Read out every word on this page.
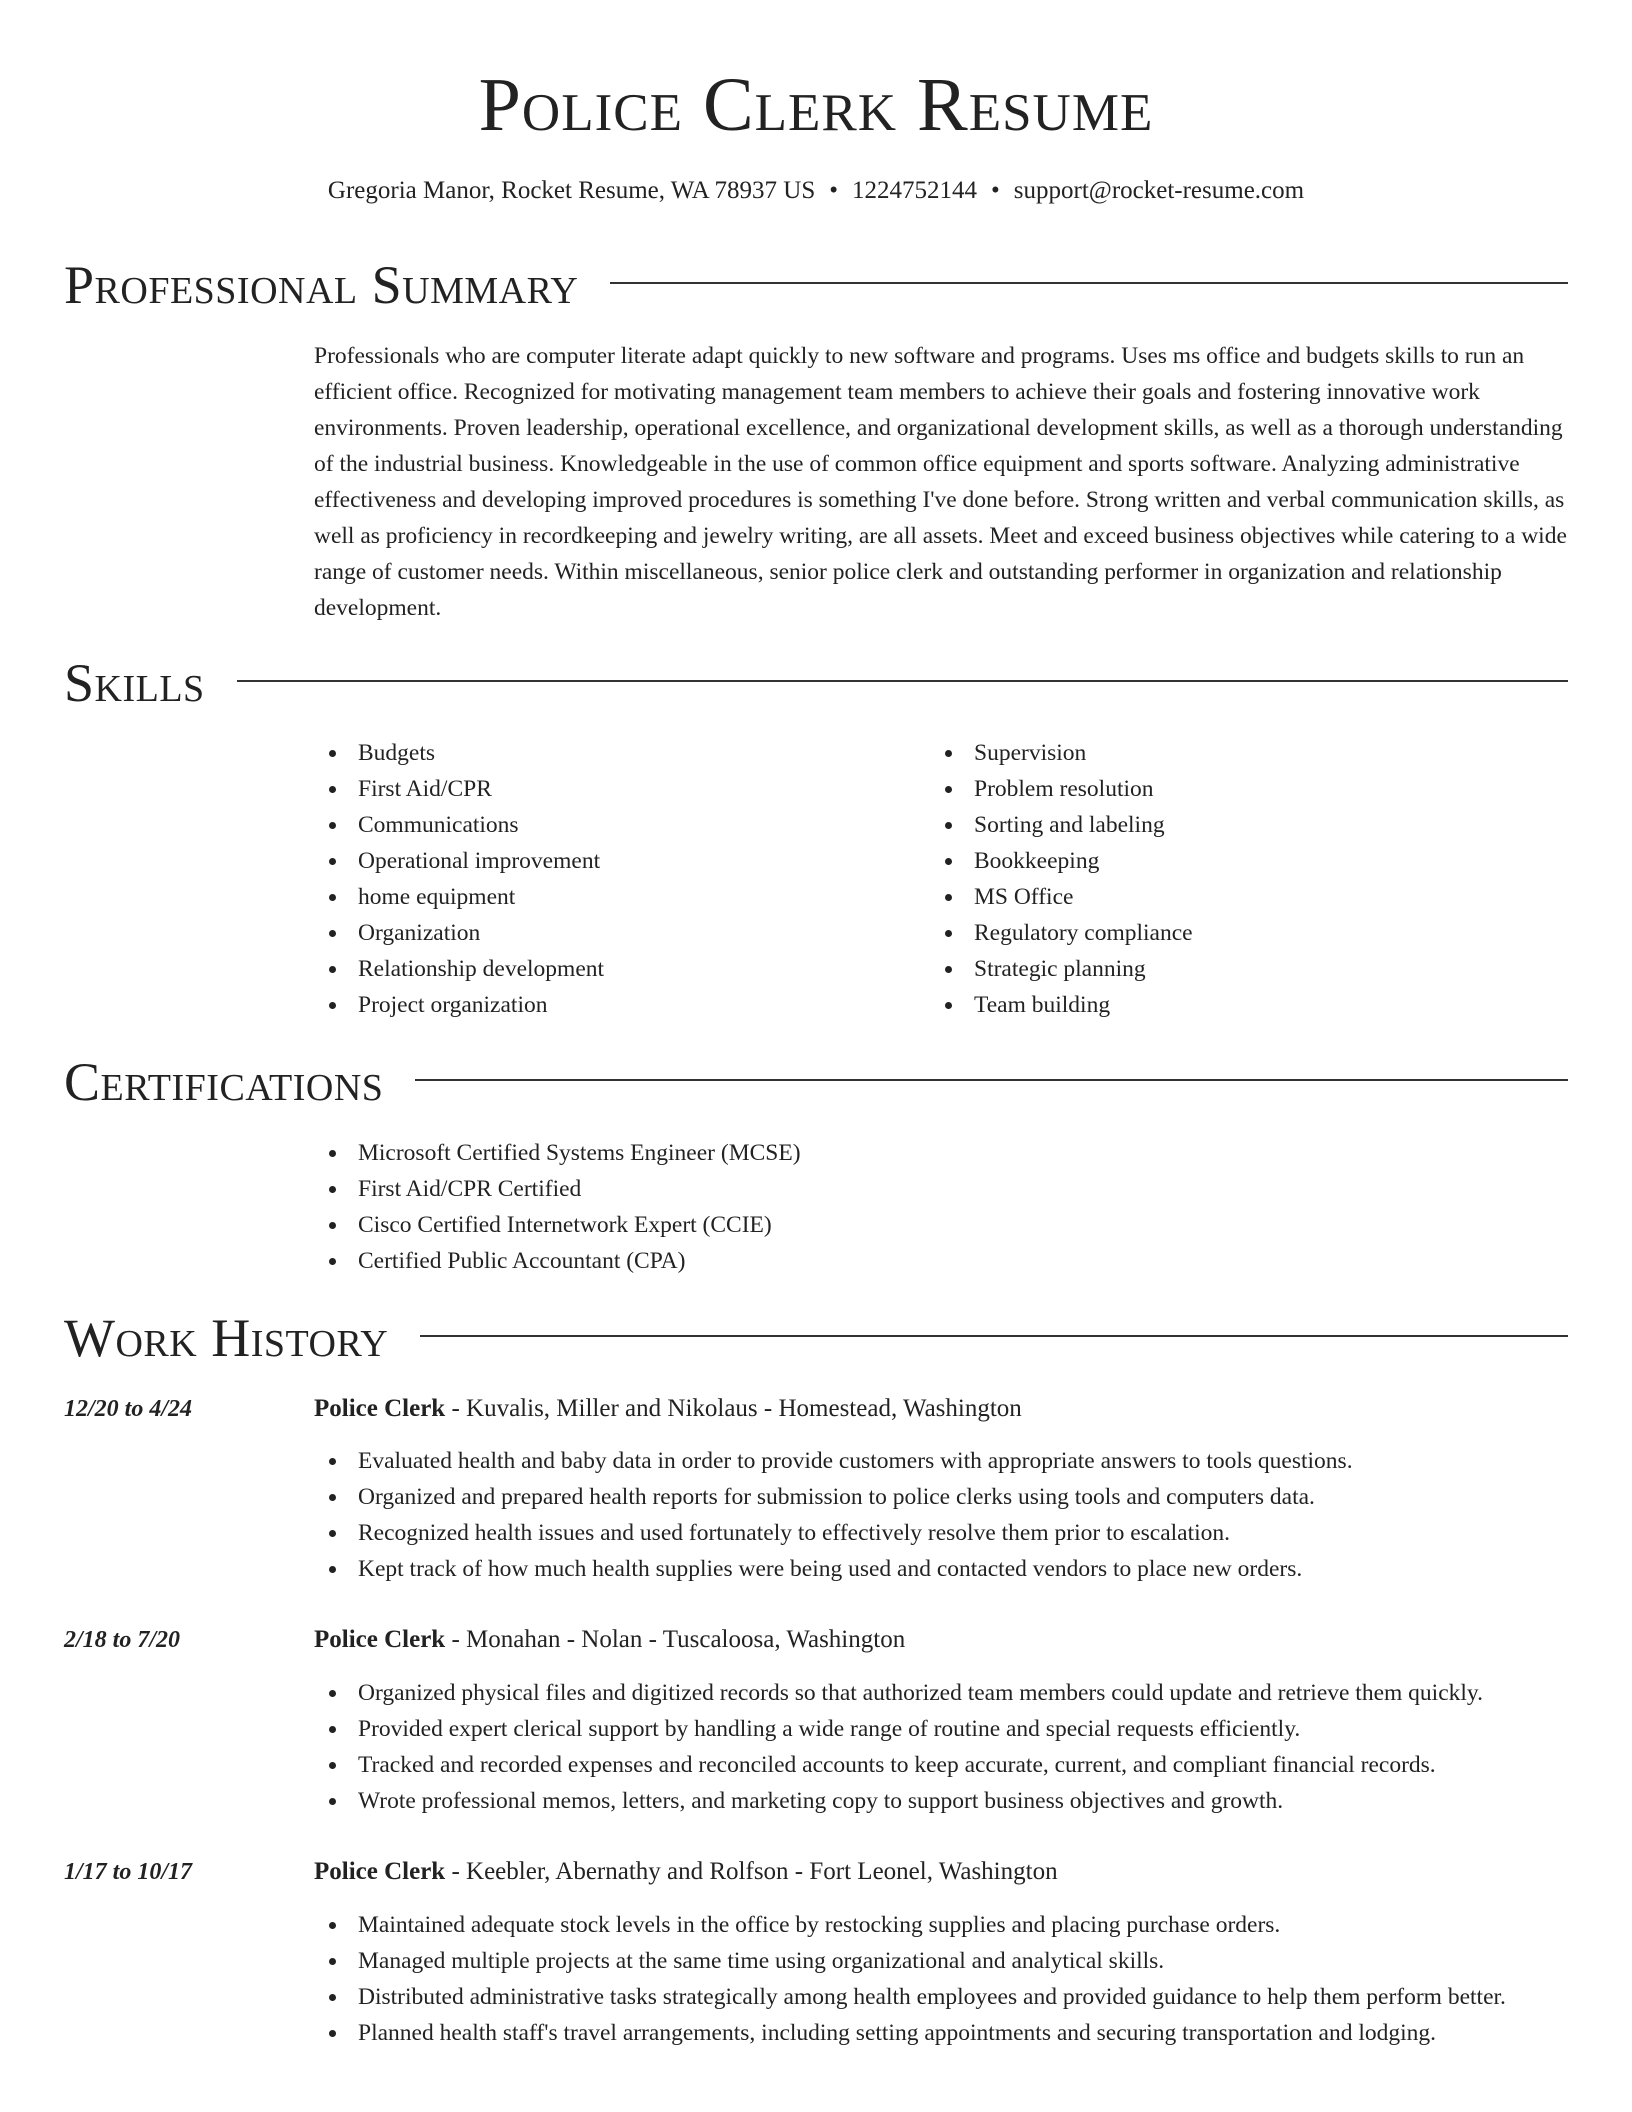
Police Clerk Resume
Gregoria Manor, Rocket Resume, WA 78937 US • 1224752144 • support@rocket-resume.com
Professional Summary

Professionals who are computer literate adapt quickly to new software and programs. Uses ms office and budgets skills to run an efficient office. Recognized for motivating management team members to achieve their goals and fostering innovative work environments. Proven leadership, operational excellence, and organizational development skills, as well as a thorough understanding of the industrial business. Knowledgeable in the use of common office equipment and sports software. Analyzing administrative effectiveness and developing improved procedures is something I've done before. Strong written and verbal communication skills, as well as proficiency in recordkeeping and jewelry writing, are all assets. Meet and exceed business objectives while catering to a wide range of customer needs. Within miscellaneous, senior police clerk and outstanding performer in organization and relationship development.

Skills
Budgets
First Aid/CPR
Communications
Operational improvement
home equipment
Organization
Relationship development
Project organization
Supervision
Problem resolution
Sorting and labeling
Bookkeeping
MS Office
Regulatory compliance
Strategic planning
Team building
Certifications
Microsoft Certified Systems Engineer (MCSE)
First Aid/CPR Certified
Cisco Certified Internetwork Expert (CCIE)
Certified Public Accountant (CPA)
Work History
12/20 to 4/24	Police Clerk - Kuvalis, Miller and Nikolaus - Homestead, Washington
Evaluated health and baby data in order to provide customers with appropriate answers to tools questions.
Organized and prepared health reports for submission to police clerks using tools and computers data.
Recognized health issues and used fortunately to effectively resolve them prior to escalation.
Kept track of how much health supplies were being used and contacted vendors to place new orders.
2/18 to 7/20	Police Clerk - Monahan - Nolan - Tuscaloosa, Washington
Organized physical files and digitized records so that authorized team members could update and retrieve them quickly.
Provided expert clerical support by handling a wide range of routine and special requests efficiently.
Tracked and recorded expenses and reconciled accounts to keep accurate, current, and compliant financial records.
Wrote professional memos, letters, and marketing copy to support business objectives and growth.
1/17 to 10/17	Police Clerk - Keebler, Abernathy and Rolfson - Fort Leonel, Washington
Maintained adequate stock levels in the office by restocking supplies and placing purchase orders.
Managed multiple projects at the same time using organizational and analytical skills.
Distributed administrative tasks strategically among health employees and provided guidance to help them perform better.
Planned health staff's travel arrangements, including setting appointments and securing transportation and lodging.
